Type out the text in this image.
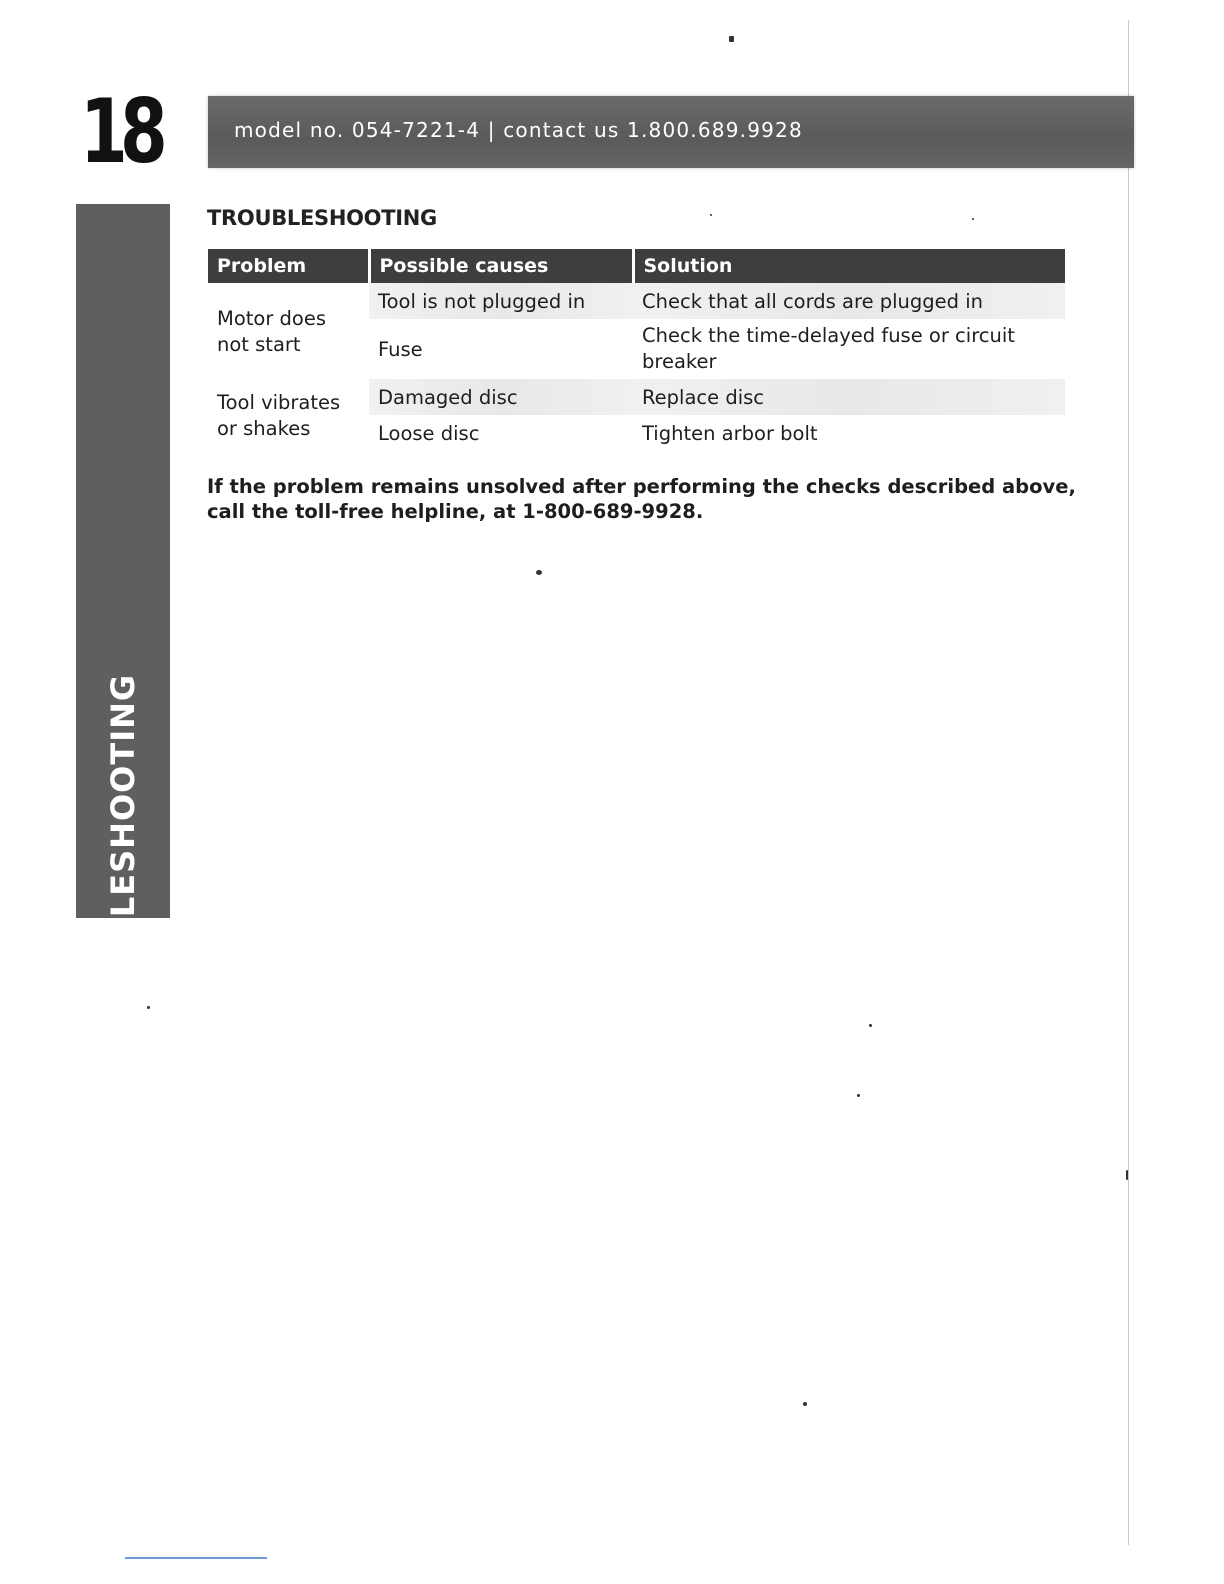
18	model no. 054-7221-4 | contact us 1.800.689.9928
TROUBLESHOOTING
TROUBLESHOOTING
Problem	Possible causes	Solution
Motor does not start	Tool is not plugged in	Check that all cords are plugged in
	Fuse	Check the time-delayed fuse or circuit breaker
Tool vibrates or shakes	Damaged disc	Replace disc
	Loose disc	Tighten arbor bolt
If the problem remains unsolved after performing the checks described above, call the toll-free helpline, at 1-800-689-9928.
